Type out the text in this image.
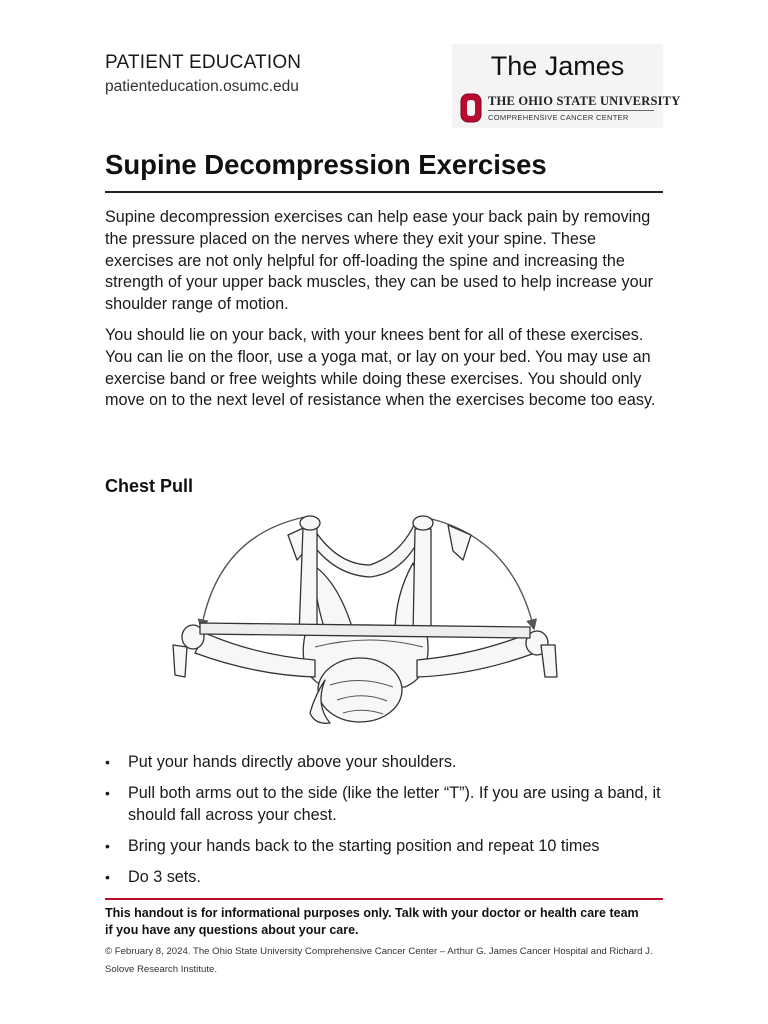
PATIENT EDUCATION
patienteducation.osumc.edu
The James
THE OHIO STATE UNIVERSITY
COMPREHENSIVE CANCER CENTER
Supine Decompression Exercises

Supine decompression exercises can help ease your back pain by removing the pressure placed on the nerves where they exit your spine. These exercises are not only helpful for off-loading the spine and increasing the strength of your upper back muscles, they can be used to help increase your shoulder range of motion.

You should lie on your back, with your knees bent for all of these exercises. You can lie on the floor, use a yoga mat, or lay on your bed. You may use an exercise band or free weights while doing these exercises. You should only move on to the next level of resistance when the exercises become too easy.

Chest Pull
• Put your hands directly above your shoulders.
• Pull both arms out to the side (like the letter “T”). If you are using a band, it should fall across your chest.
• Bring your hands back to the starting position and repeat 10 times
• Do 3 sets.

This handout is for informational purposes only. Talk with your doctor or health care team if you have any questions about your care.

© February 8, 2024. The Ohio State University Comprehensive Cancer Center – Arthur G. James Cancer Hospital and Richard J. Solove Research Institute.
